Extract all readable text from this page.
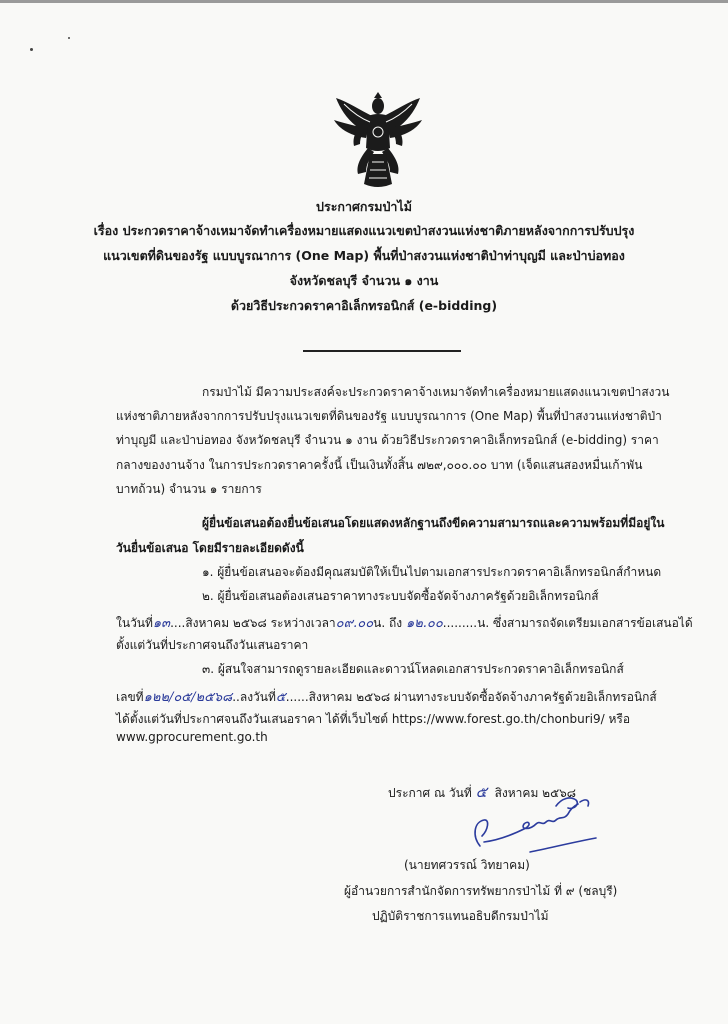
ประกาศกรมป่าไม้
เรื่อง ประกวดราคาจ้างเหมาจัดทำเครื่องหมายแสดงแนวเขตป่าสงวนแห่งชาติภายหลังจากการปรับปรุง
แนวเขตที่ดินของรัฐ แบบบูรณาการ (One Map) พื้นที่ป่าสงวนแห่งชาติป่าท่าบุญมี และป่าบ่อทอง
จังหวัดชลบุรี จำนวน ๑ งาน
ด้วยวิธีประกวดราคาอิเล็กทรอนิกส์ (e-bidding)
กรมป่าไม้ มีความประสงค์จะประกวดราคาจ้างเหมาจัดทำเครื่องหมายแสดงแนวเขตป่าสงวน
แห่งชาติภายหลังจากการปรับปรุงแนวเขตที่ดินของรัฐ แบบบูรณาการ (One Map) พื้นที่ป่าสงวนแห่งชาติป่า
ท่าบุญมี และป่าบ่อทอง จังหวัดชลบุรี จำนวน ๑ งาน ด้วยวิธีประกวดราคาอิเล็กทรอนิกส์ (e-bidding) ราคา
กลางของงานจ้าง ในการประกวดราคาครั้งนี้ เป็นเงินทั้งสิ้น ๗๒๙,๐๐๐.๐๐ บาท (เจ็ดแสนสองหมื่นเก้าพัน
บาทถ้วน) จำนวน ๑ รายการ
ผู้ยื่นข้อเสนอต้องยื่นข้อเสนอโดยแสดงหลักฐานถึงขีดความสามารถและความพร้อมที่มีอยู่ใน
วันยื่นข้อเสนอ โดยมีรายละเอียดดังนี้
๑. ผู้ยื่นข้อเสนอจะต้องมีคุณสมบัติให้เป็นไปตามเอกสารประกวดราคาอิเล็กทรอนิกส์กำหนด
๒. ผู้ยื่นข้อเสนอต้องเสนอราคาทางระบบจัดซื้อจัดจ้างภาครัฐด้วยอิเล็กทรอนิกส์
ในวันที่๑๓....สิงหาคม ๒๕๖๘ ระหว่างเวลา๐๙.๐๐น. ถึง ๑๒.๐๐.........น. ซึ่งสามารถจัดเตรียมเอกสารข้อเสนอได้
ตั้งแต่วันที่ประกาศจนถึงวันเสนอราคา
๓. ผู้สนใจสามารถดูรายละเอียดและดาวน์โหลดเอกสารประกวดราคาอิเล็กทรอนิกส์
เลขที่๑๒๒/๐๕/๒๕๖๘..ลงวันที่๕......สิงหาคม ๒๕๖๘ ผ่านทางระบบจัดซื้อจัดจ้างภาครัฐด้วยอิเล็กทรอนิกส์
ได้ตั้งแต่วันที่ประกาศจนถึงวันเสนอราคา ได้ที่เว็บไซต์ https://www.forest.go.th/chonburi9/ หรือ
www.gprocurement.go.th
ประกาศ ณ วันที่ ๕ สิงหาคม ๒๕๖๘
(นายทศวรรณ์ วิทยาคม)
ผู้อำนวยการสำนักจัดการทรัพยากรป่าไม้ ที่ ๙ (ชลบุรี)
ปฏิบัติราชการแทนอธิบดีกรมป่าไม้
